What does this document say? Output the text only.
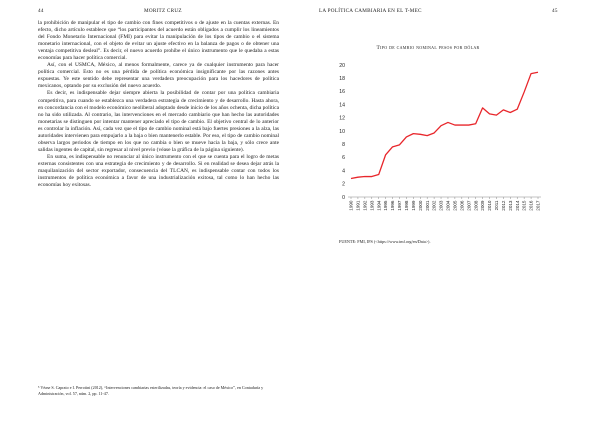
44	MORITZ CRUZ

la prohibición de manipular el tipo de cambio con fines competitivos o de ajuste en la cuentas externas. En efecto, dicho artículo establece que “los participantes del acuerdo están obligados a cumplir los lineamientos del Fondo Monetario Internacional (FMI) para evitar la manipulación de los tipos de cambio o el sistema monetario internacional, con el objeto de evitar un ajuste efectivo en la balanza de pagos o de obtener una ventaja competitiva desleal”. Es decir, el nuevo acuerdo prohíbe el único instrumento que le quedaba a estas economías para hacer política comercial.

Así, con el USMCA, México, al menos formalmente, carece ya de cualquier instrumento para hacer política comercial. Esto no es una pérdida de política económica insignificante por las razones antes expuestas. Ye este sentido debe representar una verdadera preocupación para los hacedores de política mexicanos, optando por su exclusión del nuevo acuerdo.

Es decir, es indispensable dejar siempre abierta la posibilidad de contar por una política cambiaria competitiva, para cuando se establezca una verdadera estrategia de crecimiento y de desarrollo. Hasta ahora, en concordancia con el modelo económico neoliberal adoptado desde inicio de los años ochenta, dicha política no ha sido utilizada. Al contrario, las intervenciones en el mercado cambiario que han hecho las autoridades monetarias se distinguen por intentar mantener apreciado el tipo de cambio. El objetivo central de lo anterior es controlar la inflación. Así, cada vez que el tipo de cambio nominal está bajo fuertes presiones a la alza, las autoridades intervienen para empujarlo a la baja o bien mantenerlo estable. Por eso, el tipo de cambio nominal observa largos periodos de tiempo en los que no cambia o bien se mueve hacia la baja, y sólo crece ante salidas ingentes de capital, sin regresar al nivel previo (véase la gráfica de la página siguiente).

En suma, es indispensable no renunciar al único instrumento con el que se cuenta para el logro de metas externas consistentes con una estrategia de crecimiento y de desarrollo. Si en realidad se desea dejar atrás la maquilanización del sector exportador, consecuencia del TLCAN, es indispensable contar con todos los instrumentos de política económica a favor de una industrialización exitosa, tal como lo han hecho las economías hoy exitosas.

⁵ Véase S. Caprato e I. Perrotini (2012), “Intervenciones cambiarias esterilizadas, teoría y evidencia: el caso de México”, en Contaduría y Administración, vol. 57, núm. 2, pp. 11-47.
LA POLÍTICA CAMBIARIA EN EL T-MEC	45
Tipo de cambio nominal pesos por dólar
0
2
4
6
8
10
12
14
16
18
20
1990 1991 1992 1993 1994 1995 1996 1997 1998 1999 2000 2001 2002 2003 2004 2005 2006 2007 2008 2009 2010 2011 2012 2013 2014 2015 2016 2017
FUENTE: FMI, IFS (<https://www.imf.org/en/Data>).
